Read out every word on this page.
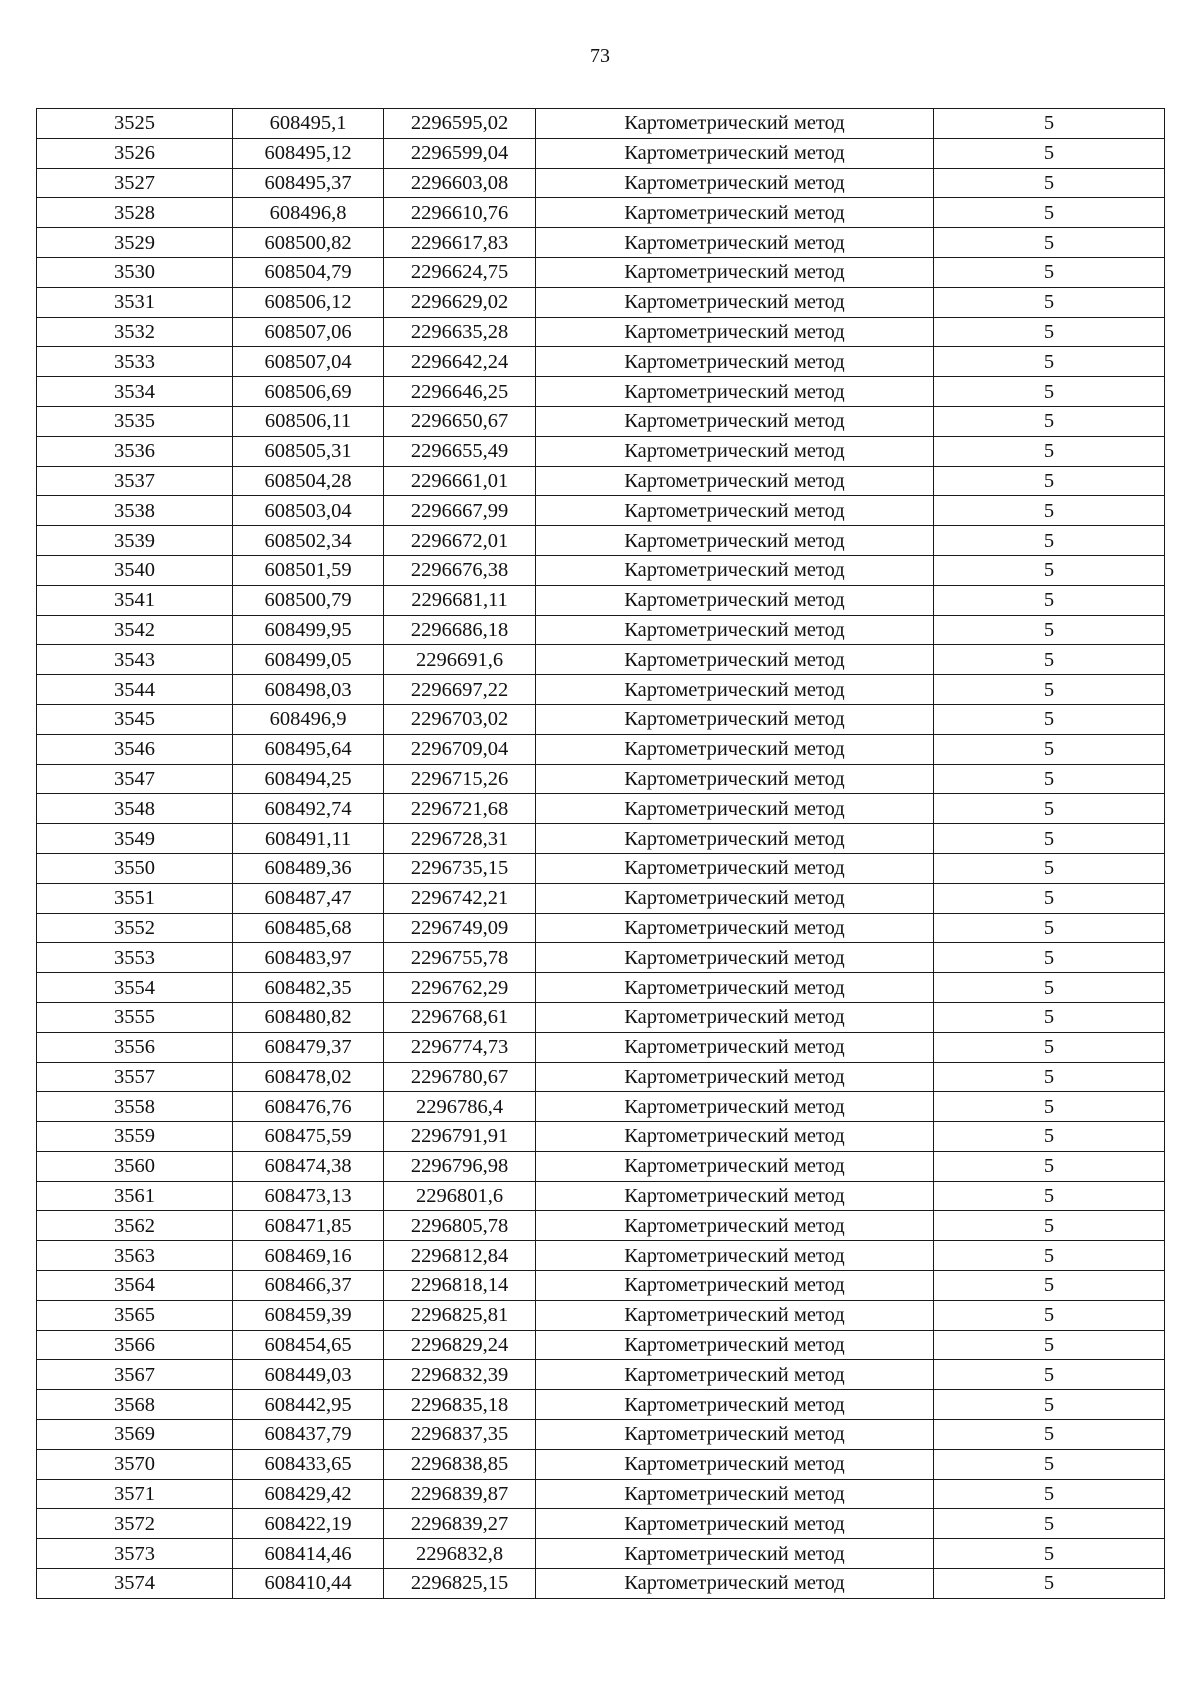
73
3525	608495,1	2296595,02	Картометрический метод	5
3526	608495,12	2296599,04	Картометрический метод	5
3527	608495,37	2296603,08	Картометрический метод	5
3528	608496,8	2296610,76	Картометрический метод	5
3529	608500,82	2296617,83	Картометрический метод	5
3530	608504,79	2296624,75	Картометрический метод	5
3531	608506,12	2296629,02	Картометрический метод	5
3532	608507,06	2296635,28	Картометрический метод	5
3533	608507,04	2296642,24	Картометрический метод	5
3534	608506,69	2296646,25	Картометрический метод	5
3535	608506,11	2296650,67	Картометрический метод	5
3536	608505,31	2296655,49	Картометрический метод	5
3537	608504,28	2296661,01	Картометрический метод	5
3538	608503,04	2296667,99	Картометрический метод	5
3539	608502,34	2296672,01	Картометрический метод	5
3540	608501,59	2296676,38	Картометрический метод	5
3541	608500,79	2296681,11	Картометрический метод	5
3542	608499,95	2296686,18	Картометрический метод	5
3543	608499,05	2296691,6	Картометрический метод	5
3544	608498,03	2296697,22	Картометрический метод	5
3545	608496,9	2296703,02	Картометрический метод	5
3546	608495,64	2296709,04	Картометрический метод	5
3547	608494,25	2296715,26	Картометрический метод	5
3548	608492,74	2296721,68	Картометрический метод	5
3549	608491,11	2296728,31	Картометрический метод	5
3550	608489,36	2296735,15	Картометрический метод	5
3551	608487,47	2296742,21	Картометрический метод	5
3552	608485,68	2296749,09	Картометрический метод	5
3553	608483,97	2296755,78	Картометрический метод	5
3554	608482,35	2296762,29	Картометрический метод	5
3555	608480,82	2296768,61	Картометрический метод	5
3556	608479,37	2296774,73	Картометрический метод	5
3557	608478,02	2296780,67	Картометрический метод	5
3558	608476,76	2296786,4	Картометрический метод	5
3559	608475,59	2296791,91	Картометрический метод	5
3560	608474,38	2296796,98	Картометрический метод	5
3561	608473,13	2296801,6	Картометрический метод	5
3562	608471,85	2296805,78	Картометрический метод	5
3563	608469,16	2296812,84	Картометрический метод	5
3564	608466,37	2296818,14	Картометрический метод	5
3565	608459,39	2296825,81	Картометрический метод	5
3566	608454,65	2296829,24	Картометрический метод	5
3567	608449,03	2296832,39	Картометрический метод	5
3568	608442,95	2296835,18	Картометрический метод	5
3569	608437,79	2296837,35	Картометрический метод	5
3570	608433,65	2296838,85	Картометрический метод	5
3571	608429,42	2296839,87	Картометрический метод	5
3572	608422,19	2296839,27	Картометрический метод	5
3573	608414,46	2296832,8	Картометрический метод	5
3574	608410,44	2296825,15	Картометрический метод	5
